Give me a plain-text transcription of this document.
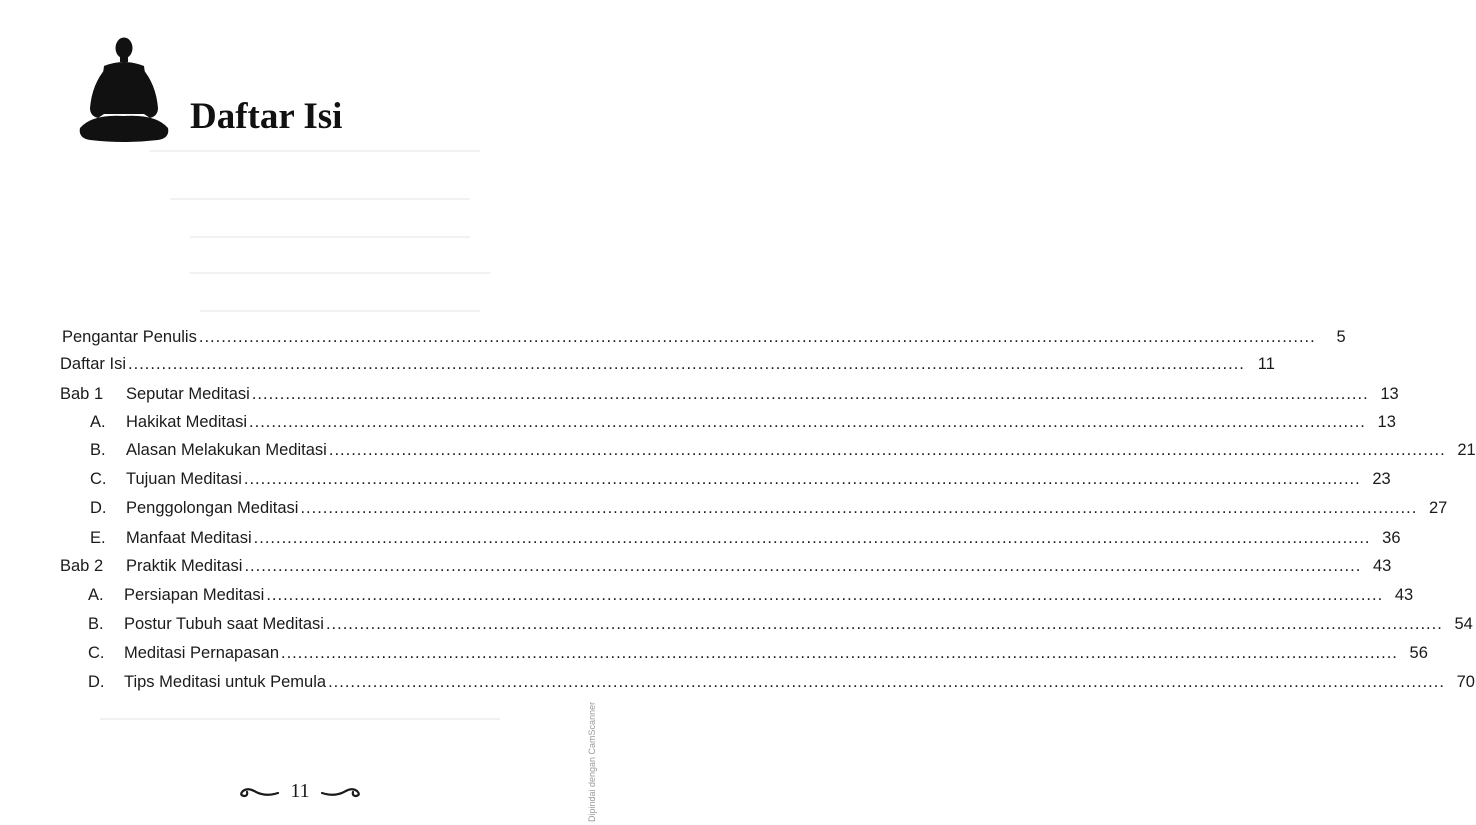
Daftar Isi
Pengantar Penulis ........................................................................................................................................................................................................	5
Daftar Isi ........................................................................................................................................................................................................ 11
Bab 1	Seputar Meditasi ........................................................................................................................................................................................................ 13
A.	Hakikat Meditasi ........................................................................................................................................................................................................ 13
B.	Alasan Melakukan Meditasi ........................................................................................................................................................................................................ 21
C.	Tujuan Meditasi ........................................................................................................................................................................................................ 23
D.	Penggolongan Meditasi ........................................................................................................................................................................................................ 27
E.	Manfaat Meditasi ........................................................................................................................................................................................................ 36
Bab 2	Praktik Meditasi ........................................................................................................................................................................................................ 43
A.	Persiapan Meditasi ........................................................................................................................................................................................................ 43
B.	Postur Tubuh saat Meditasi ........................................................................................................................................................................................................ 54
C.	Meditasi Pernapasan ........................................................................................................................................................................................................ 56
D.	Tips Meditasi untuk Pemula ........................................................................................................................................................................................................ 70
11	Dipindai dengan CamScanner
